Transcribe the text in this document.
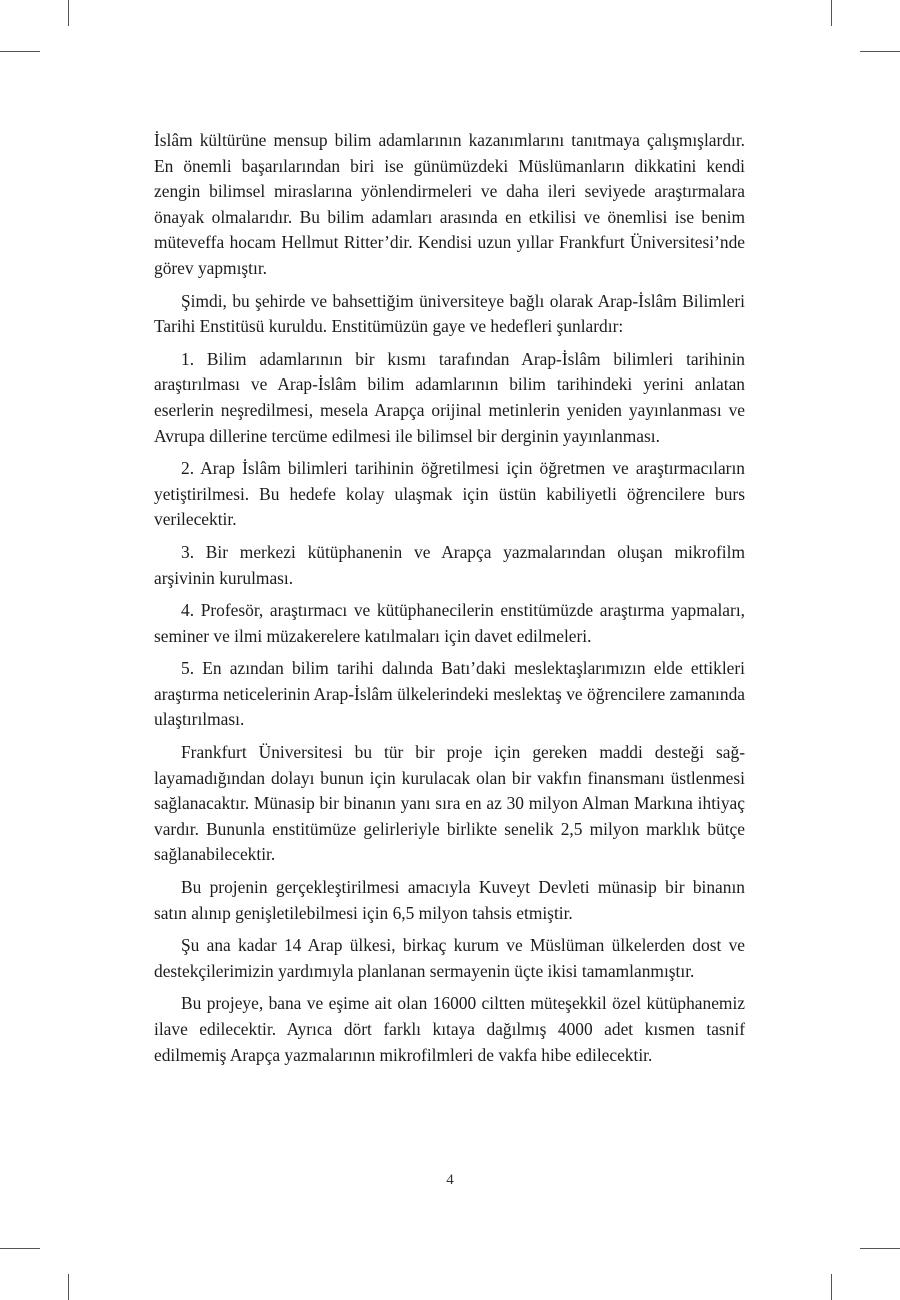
İslâm kültürüne mensup bilim adamlarının kazanımlarını tanıtmaya çalışmışlardır. En önemli başarılarından biri ise günümüzdeki Müslümanların dikkatini kendi zengin bilimsel miraslarına yönlendirmeleri ve daha ileri seviyede araştırmalara önayak olmalarıdır. Bu bilim adamları arasında en etkilisi ve önemlisi ise benim müteveffa hocam Hellmut Ritter’dir. Kendisi uzun yıllar Frankfurt Üniversitesi’nde görev yapmıştır.

Şimdi, bu şehirde ve bahsettiğim üniversiteye bağlı olarak Arap-İslâm Bilimleri Tarihi Enstitüsü kuruldu. Enstitümüzün gaye ve hedefleri şunlardır:

1. Bilim adamlarının bir kısmı tarafından Arap-İslâm bilimleri tarihinin araştırılması ve Arap-İslâm bilim adamlarının bilim tarihindeki yerini anlatan eserlerin neşredilmesi, mesela Arapça orijinal metinlerin yeniden yayınlanması ve Avrupa dillerine tercüme edilmesi ile bilimsel bir derginin yayınlanması.

2. Arap İslâm bilimleri tarihinin öğretilmesi için öğretmen ve araştırmacıların yetiştirilmesi. Bu hedefe kolay ulaşmak için üstün kabiliyetli öğrencilere burs verilecektir.

3. Bir merkezi kütüphanenin ve Arapça yazmalarından oluşan mikrofilm arşivinin kurulması.

4. Profesör, araştırmacı ve kütüphanecilerin enstitümüzde araştırma yapmaları, seminer ve ilmi müzakerelere katılmaları için davet edilmeleri.

5. En azından bilim tarihi dalında Batı’daki meslektaşlarımızın elde ettikleri araştırma neticelerinin Arap-İslâm ülkelerindeki meslektaş ve öğrencilere zamanında ulaştırılması.

Frankfurt Üniversitesi bu tür bir proje için gereken maddi desteği sağlayamadığından dolayı bunun için kurulacak olan bir vakfın finansmanı üstlenmesi sağlanacaktır. Münasip bir binanın yanı sıra en az 30 milyon Alman Markına ihtiyaç vardır. Bununla enstitümüze gelirleriyle birlikte senelik 2,5 milyon marklık bütçe sağlanabilecektir.

Bu projenin gerçekleştirilmesi amacıyla Kuveyt Devleti münasip bir binanın satın alınıp genişletilebilmesi için 6,5 milyon tahsis etmiştir.

Şu ana kadar 14 Arap ülkesi, birkaç kurum ve Müslüman ülkelerden dost ve destekçilerimizin yardımıyla planlanan sermayenin üçte ikisi tamamlanmıştır.

Bu projeye, bana ve eşime ait olan 16000 ciltten müteşekkil özel kütüphanemiz ilave edilecektir. Ayrıca dört farklı kıtaya dağılmış 4000 adet kısmen tasnif edilmemiş Arapça yazmalarının mikrofilmleri de vakfa hibe edilecektir.

4
